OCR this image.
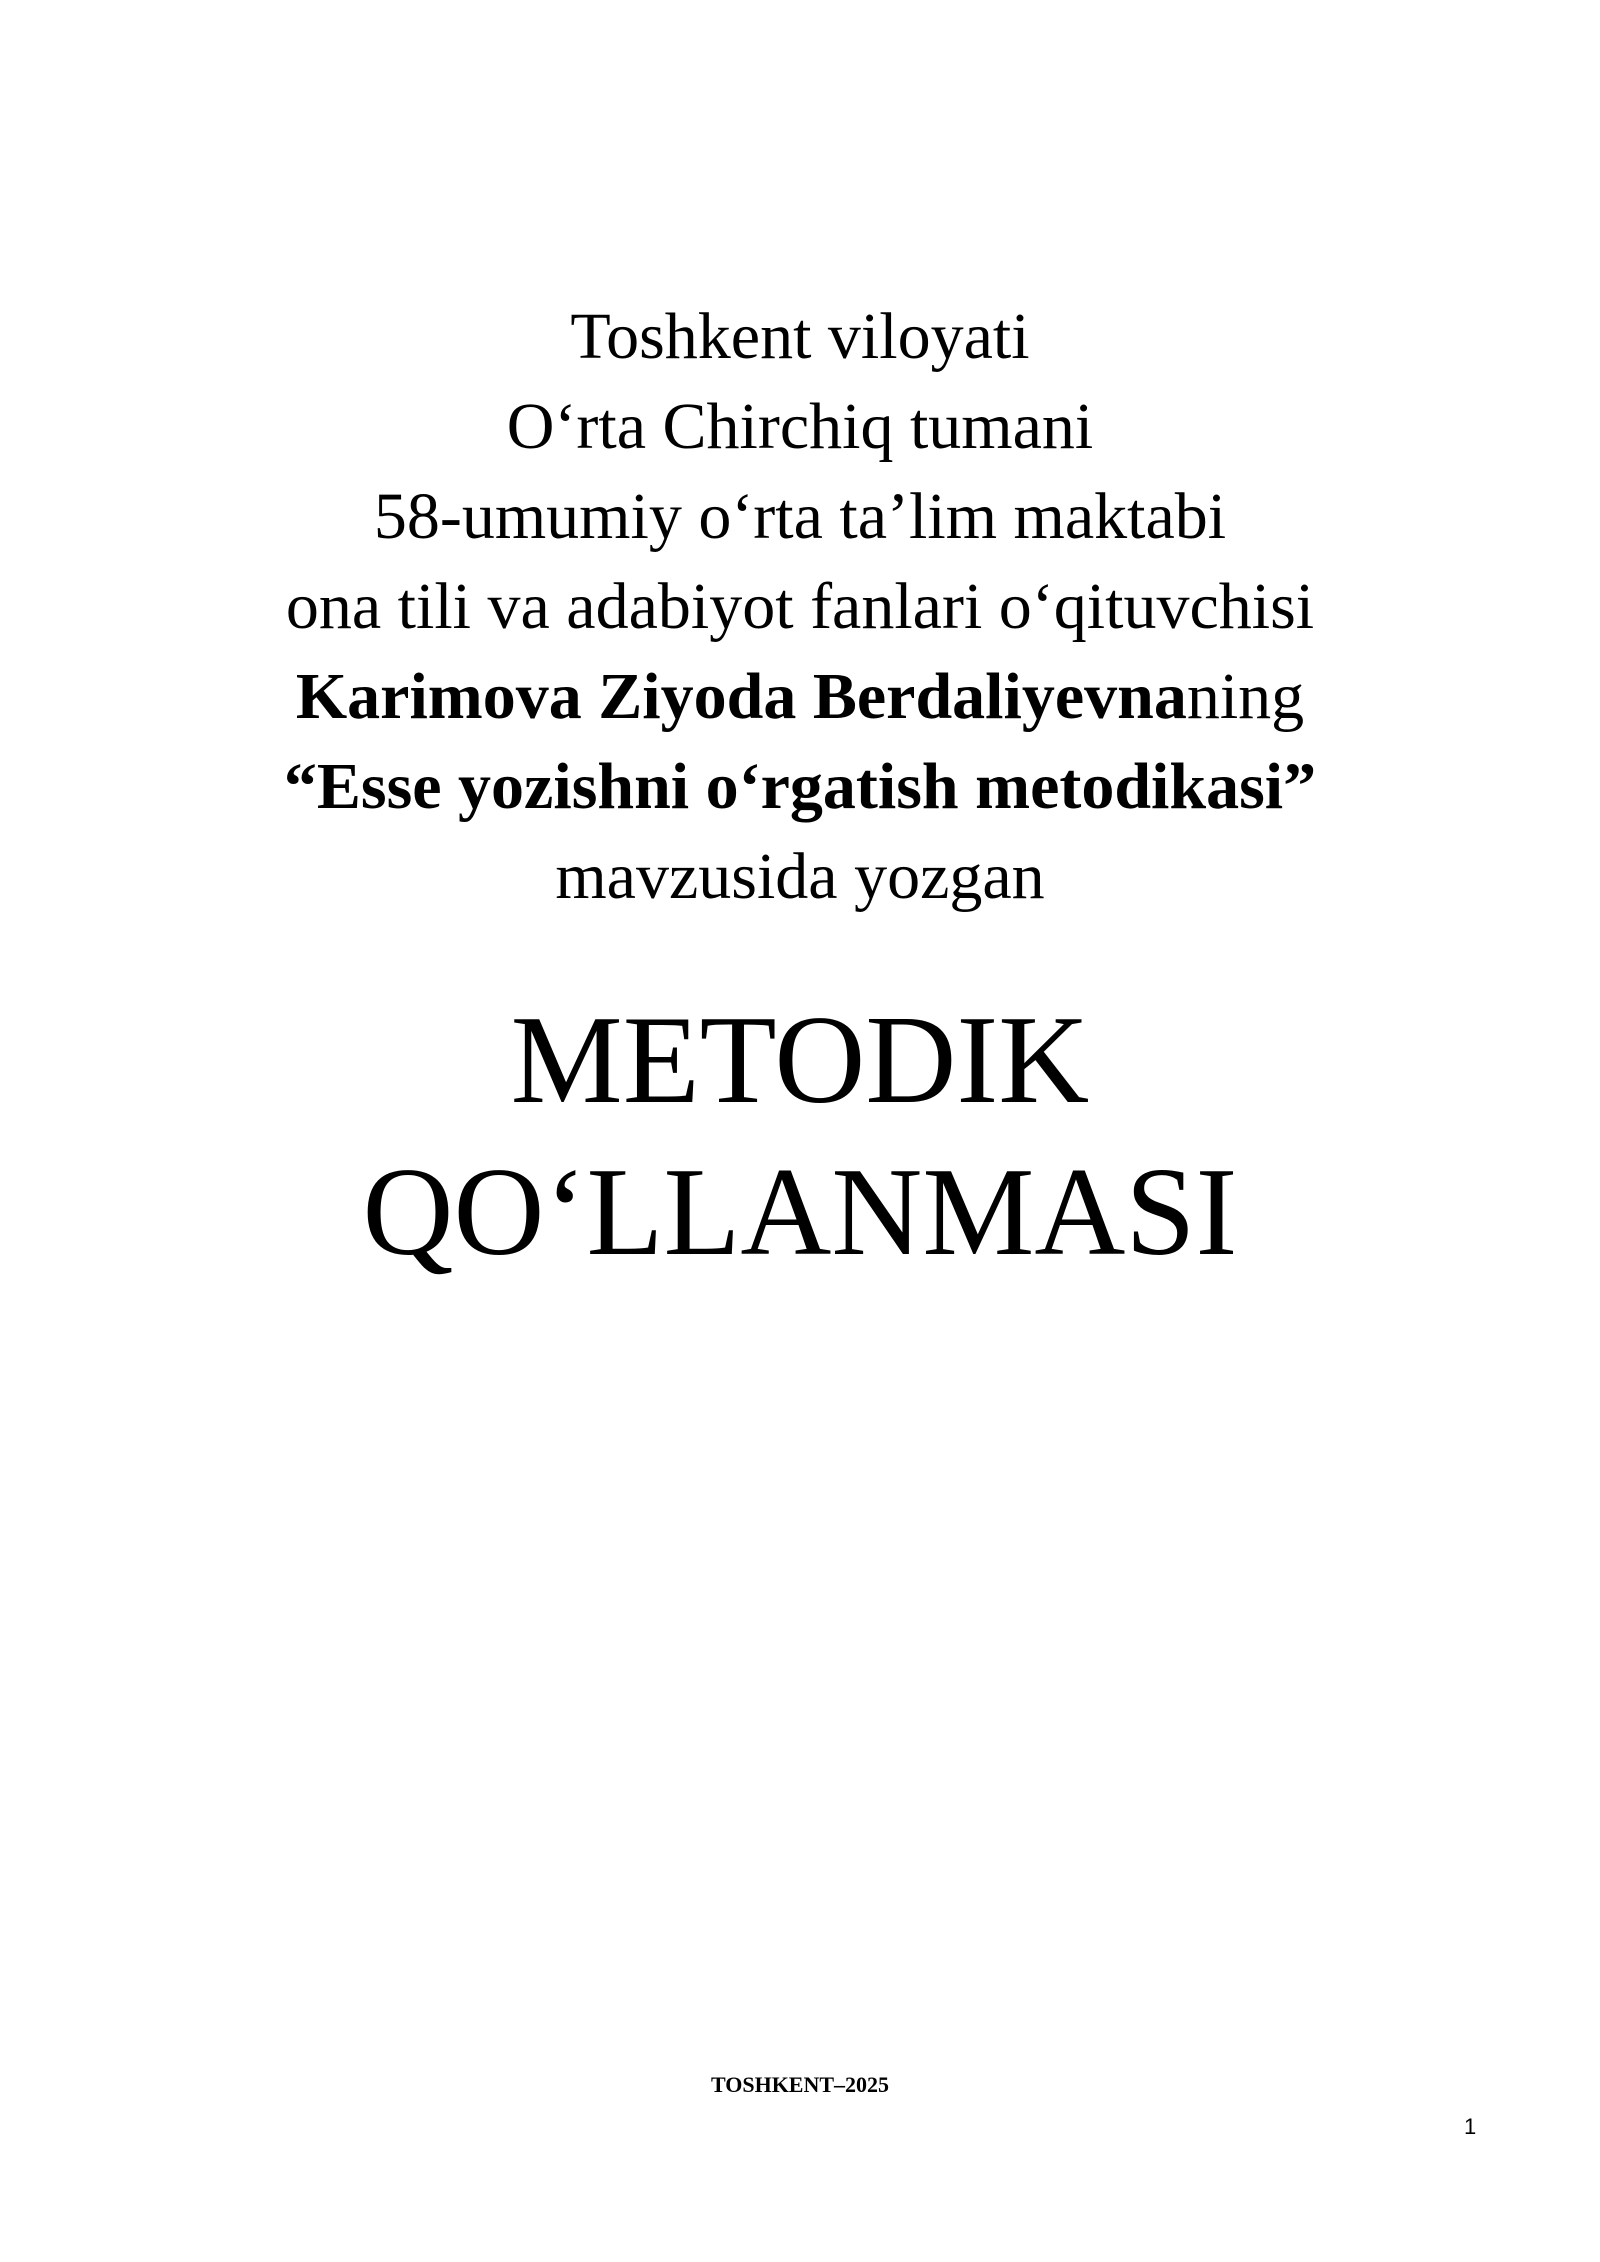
Toshkent viloyati
O‘rta Chirchiq tumani
58-umumiy o‘rta ta’lim maktabi
ona tili va adabiyot fanlari o‘qituvchisi
Karimova Ziyoda Berdaliyevnaning
“Esse yozishni o‘rgatish metodikasi”
mavzusida yozgan
METODIK
QO‘LLANMASI
TOSHKENT–2025
1
